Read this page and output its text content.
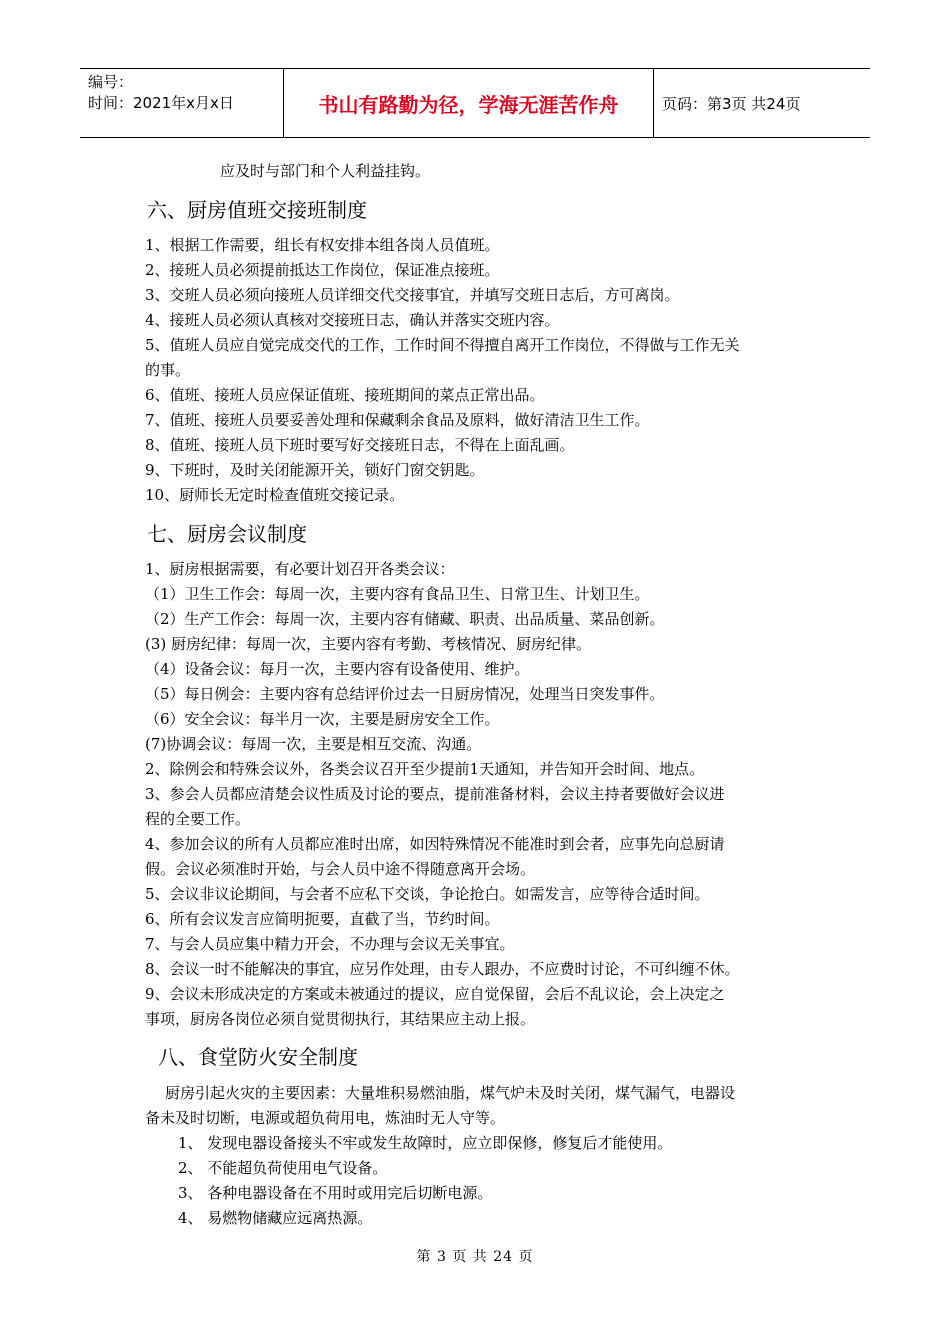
编号：
时间：2021年x月x日	书山有路勤为径，学海无涯苦作舟	页码：第3页 共24页
应及时与部门和个人利益挂钩。
六、厨房值班交接班制度
1、根据工作需要，组长有权安排本组各岗人员值班。
2、接班人员必须提前抵达工作岗位，保证准点接班。
3、交班人员必须向接班人员详细交代交接事宜，并填写交班日志后，方可离岗。
4、接班人员必须认真核对交接班日志，确认并落实交班内容。
5、值班人员应自觉完成交代的工作，工作时间不得擅自离开工作岗位，不得做与工作无关
的事。
6、值班、接班人员应保证值班、接班期间的菜点正常出品。
7、值班、接班人员要妥善处理和保藏剩余食品及原料，做好清洁卫生工作。
8、值班、接班人员下班时要写好交接班日志，不得在上面乱画。
9、下班时，及时关闭能源开关，锁好门窗交钥匙。
10、厨师长无定时检查值班交接记录。
七、厨房会议制度
1、厨房根据需要，有必要计划召开各类会议：
（1）卫生工作会：每周一次，主要内容有食品卫生、日常卫生、计划卫生。
（2）生产工作会：每周一次，主要内容有储藏、职责、出品质量、菜品创新。
(3) 厨房纪律：每周一次，主要内容有考勤、考核情况、厨房纪律。
（4）设备会议：每月一次，主要内容有设备使用、维护。
（5）每日例会：主要内容有总结评价过去一日厨房情况，处理当日突发事件。
（6）安全会议：每半月一次，主要是厨房安全工作。
(7)协调会议：每周一次，主要是相互交流、沟通。
2、除例会和特殊会议外，各类会议召开至少提前1天通知，并告知开会时间、地点。
3、参会人员都应清楚会议性质及讨论的要点，提前准备材料，会议主持者要做好会议进
程的全要工作。
4、参加会议的所有人员都应准时出席，如因特殊情况不能准时到会者，应事先向总厨请
假。会议必须准时开始，与会人员中途不得随意离开会场。
5、会议非议论期间，与会者不应私下交谈，争论抢白。如需发言，应等待合适时间。
6、所有会议发言应简明扼要，直截了当，节约时间。
7、与会人员应集中精力开会，不办理与会议无关事宜。
8、会议一时不能解决的事宜，应另作处理，由专人跟办，不应费时讨论，不可纠缠不休。
9、会议未形成决定的方案或未被通过的提议，应自觉保留，会后不乱议论，会上决定之
事项，厨房各岗位必须自觉贯彻执行，其结果应主动上报。
八、食堂防火安全制度
厨房引起火灾的主要因素：大量堆积易燃油脂，煤气炉未及时关闭，煤气漏气，电器设
备未及时切断，电源或超负荷用电，炼油时无人守等。
1、 发现电器设备接头不牢或发生故障时，应立即保修，修复后才能使用。
2、 不能超负荷使用电气设备。
3、 各种电器设备在不用时或用完后切断电源。
4、 易燃物储藏应远离热源。
第 3 页 共 24 页
